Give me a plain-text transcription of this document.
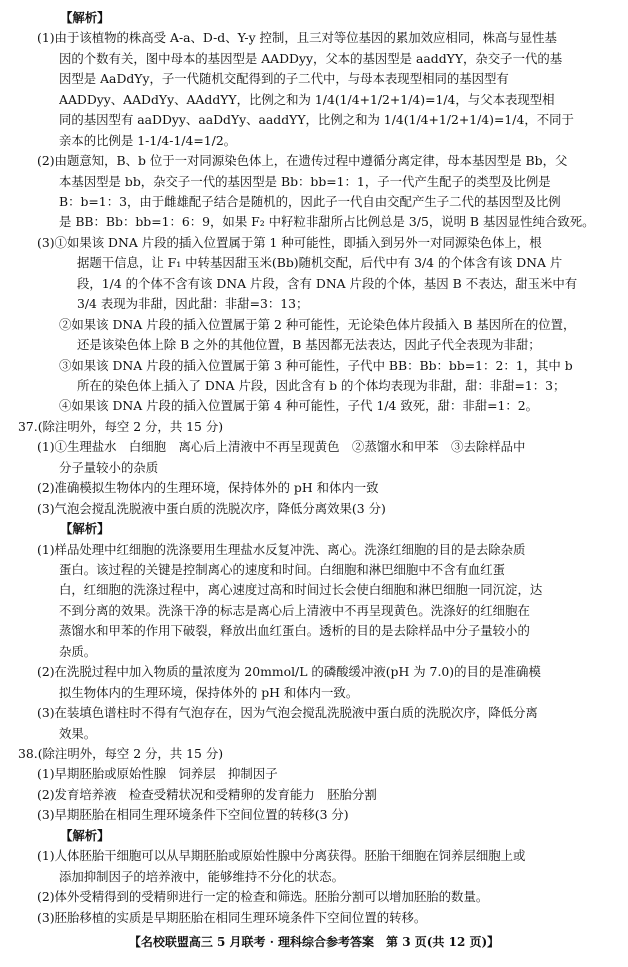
【解析】
(1)由于该植物的株高受 A-a、D-d、Y-y 控制，且三对等位基因的累加效应相同，株高与显性基
因的个数有关，图中母本的基因型是 AADDyy，父本的基因型是 aaddYY，杂交子一代的基
因型是 AaDdYy，子一代随机交配得到的子二代中，与母本表现型相同的基因型有
AADDyy、AADdYy、AAddYY，比例之和为 1/4(1/4+1/2+1/4)=1/4，与父本表现型相
同的基因型有 aaDDyy、aaDdYy、aaddYY，比例之和为 1/4(1/4+1/2+1/4)=1/4，不同于
亲本的比例是 1-1/4-1/4=1/2。
(2)由题意知，B、b 位于一对同源染色体上，在遗传过程中遵循分离定律，母本基因型是 Bb，父
本基因型是 bb，杂交子一代的基因型是 Bb：bb=1：1，子一代产生配子的类型及比例是
B：b=1：3，由于雌雄配子结合是随机的，因此子一代自由交配产生子二代的基因型及比例
是 BB：Bb：bb=1：6：9，如果 F₂ 中籽粒非甜所占比例总是 3/5，说明 B 基因显性纯合致死。
(3)①如果该 DNA 片段的插入位置属于第 1 种可能性，即插入到另外一对同源染色体上，根
据题干信息，让 F₁ 中转基因甜玉米(Bb)随机交配，后代中有 3/4 的个体含有该 DNA 片
段，1/4 的个体不含有该 DNA 片段，含有 DNA 片段的个体，基因 B 不表达，甜玉米中有
3/4 表现为非甜，因此甜：非甜=3：13；
②如果该 DNA 片段的插入位置属于第 2 种可能性，无论染色体片段插入 B 基因所在的位置，
还是该染色体上除 B 之外的其他位置，B 基因都无法表达，因此子代全表现为非甜；
③如果该 DNA 片段的插入位置属于第 3 种可能性，子代中 BB：Bb：bb=1：2：1，其中 b
所在的染色体上插入了 DNA 片段，因此含有 b 的个体均表现为非甜，甜：非甜=1：3；
④如果该 DNA 片段的插入位置属于第 4 种可能性，子代 1/4 致死，甜：非甜=1：2。
37.(除注明外，每空 2 分，共 15 分)
(1)①生理盐水　白细胞　离心后上清液中不再呈现黄色　②蒸馏水和甲苯　③去除样品中
分子量较小的杂质
(2)准确模拟生物体内的生理环境，保持体外的 pH 和体内一致
(3)气泡会搅乱洗脱液中蛋白质的洗脱次序，降低分离效果(3 分)
【解析】
(1)样品处理中红细胞的洗涤要用生理盐水反复冲洗、离心。洗涤红细胞的目的是去除杂质
蛋白。该过程的关键是控制离心的速度和时间。白细胞和淋巴细胞中不含有血红蛋
白，红细胞的洗涤过程中，离心速度过高和时间过长会使白细胞和淋巴细胞一同沉淀，达
不到分离的效果。洗涤干净的标志是离心后上清液中不再呈现黄色。洗涤好的红细胞在
蒸馏水和甲苯的作用下破裂，释放出血红蛋白。透析的目的是去除样品中分子量较小的
杂质。
(2)在洗脱过程中加入物质的量浓度为 20mmol/L 的磷酸缓冲液(pH 为 7.0)的目的是准确模
拟生物体内的生理环境，保持体外的 pH 和体内一致。
(3)在装填色谱柱时不得有气泡存在，因为气泡会搅乱洗脱液中蛋白质的洗脱次序，降低分离
效果。
38.(除注明外，每空 2 分，共 15 分)
(1)早期胚胎或原始性腺　饲养层　抑制因子
(2)发育培养液　检查受精状况和受精卵的发育能力　胚胎分割
(3)早期胚胎在相同生理环境条件下空间位置的转移(3 分)
【解析】
(1)人体胚胎干细胞可以从早期胚胎或原始性腺中分离获得。胚胎干细胞在饲养层细胞上或
添加抑制因子的培养液中，能够维持不分化的状态。
(2)体外受精得到的受精卵进行一定的检查和筛选。胚胎分割可以增加胚胎的数量。
(3)胚胎移植的实质是早期胚胎在相同生理环境条件下空间位置的转移。
【名校联盟高三 5 月联考 · 理科综合参考答案　第 3 页(共 12 页)】
